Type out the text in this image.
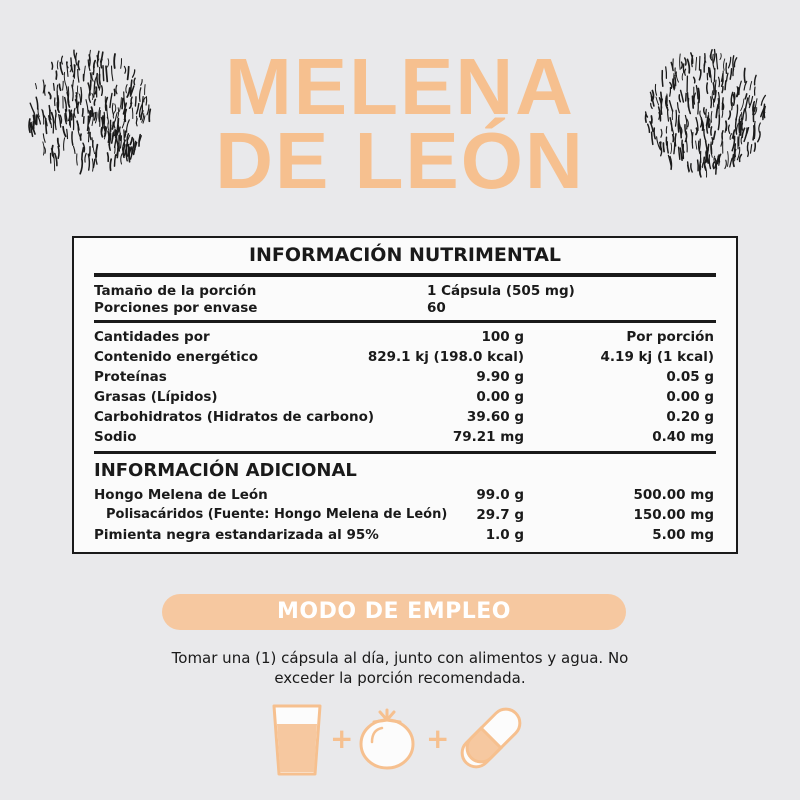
MELENA
DE LEÓN
INFORMACIÓN NUTRIMENTAL
Tamaño de la porción	1 Cápsula (505 mg)
Porciones por envase	60
Cantidades por	100 g	Por porción
Contenido energético	829.1 kj (198.0 kcal)	4.19 kj (1 kcal)
Proteínas	9.90 g	0.05 g
Grasas (Lípidos)	0.00 g	0.00 g
Carbohidratos (Hidratos de carbono)	39.60 g	0.20 g
Sodio	79.21 mg	0.40 mg
INFORMACIÓN ADICIONAL
Hongo Melena de León	99.0 g	500.00 mg
Polisacáridos (Fuente: Hongo Melena de León) 29.7 g	150.00 mg
Pimienta negra estandarizada al 95%	1.0 g	5.00 mg
MODO DE EMPLEO
Tomar una (1) cápsula al día, junto con alimentos y agua. No
exceder la porción recomendada.
+	+
